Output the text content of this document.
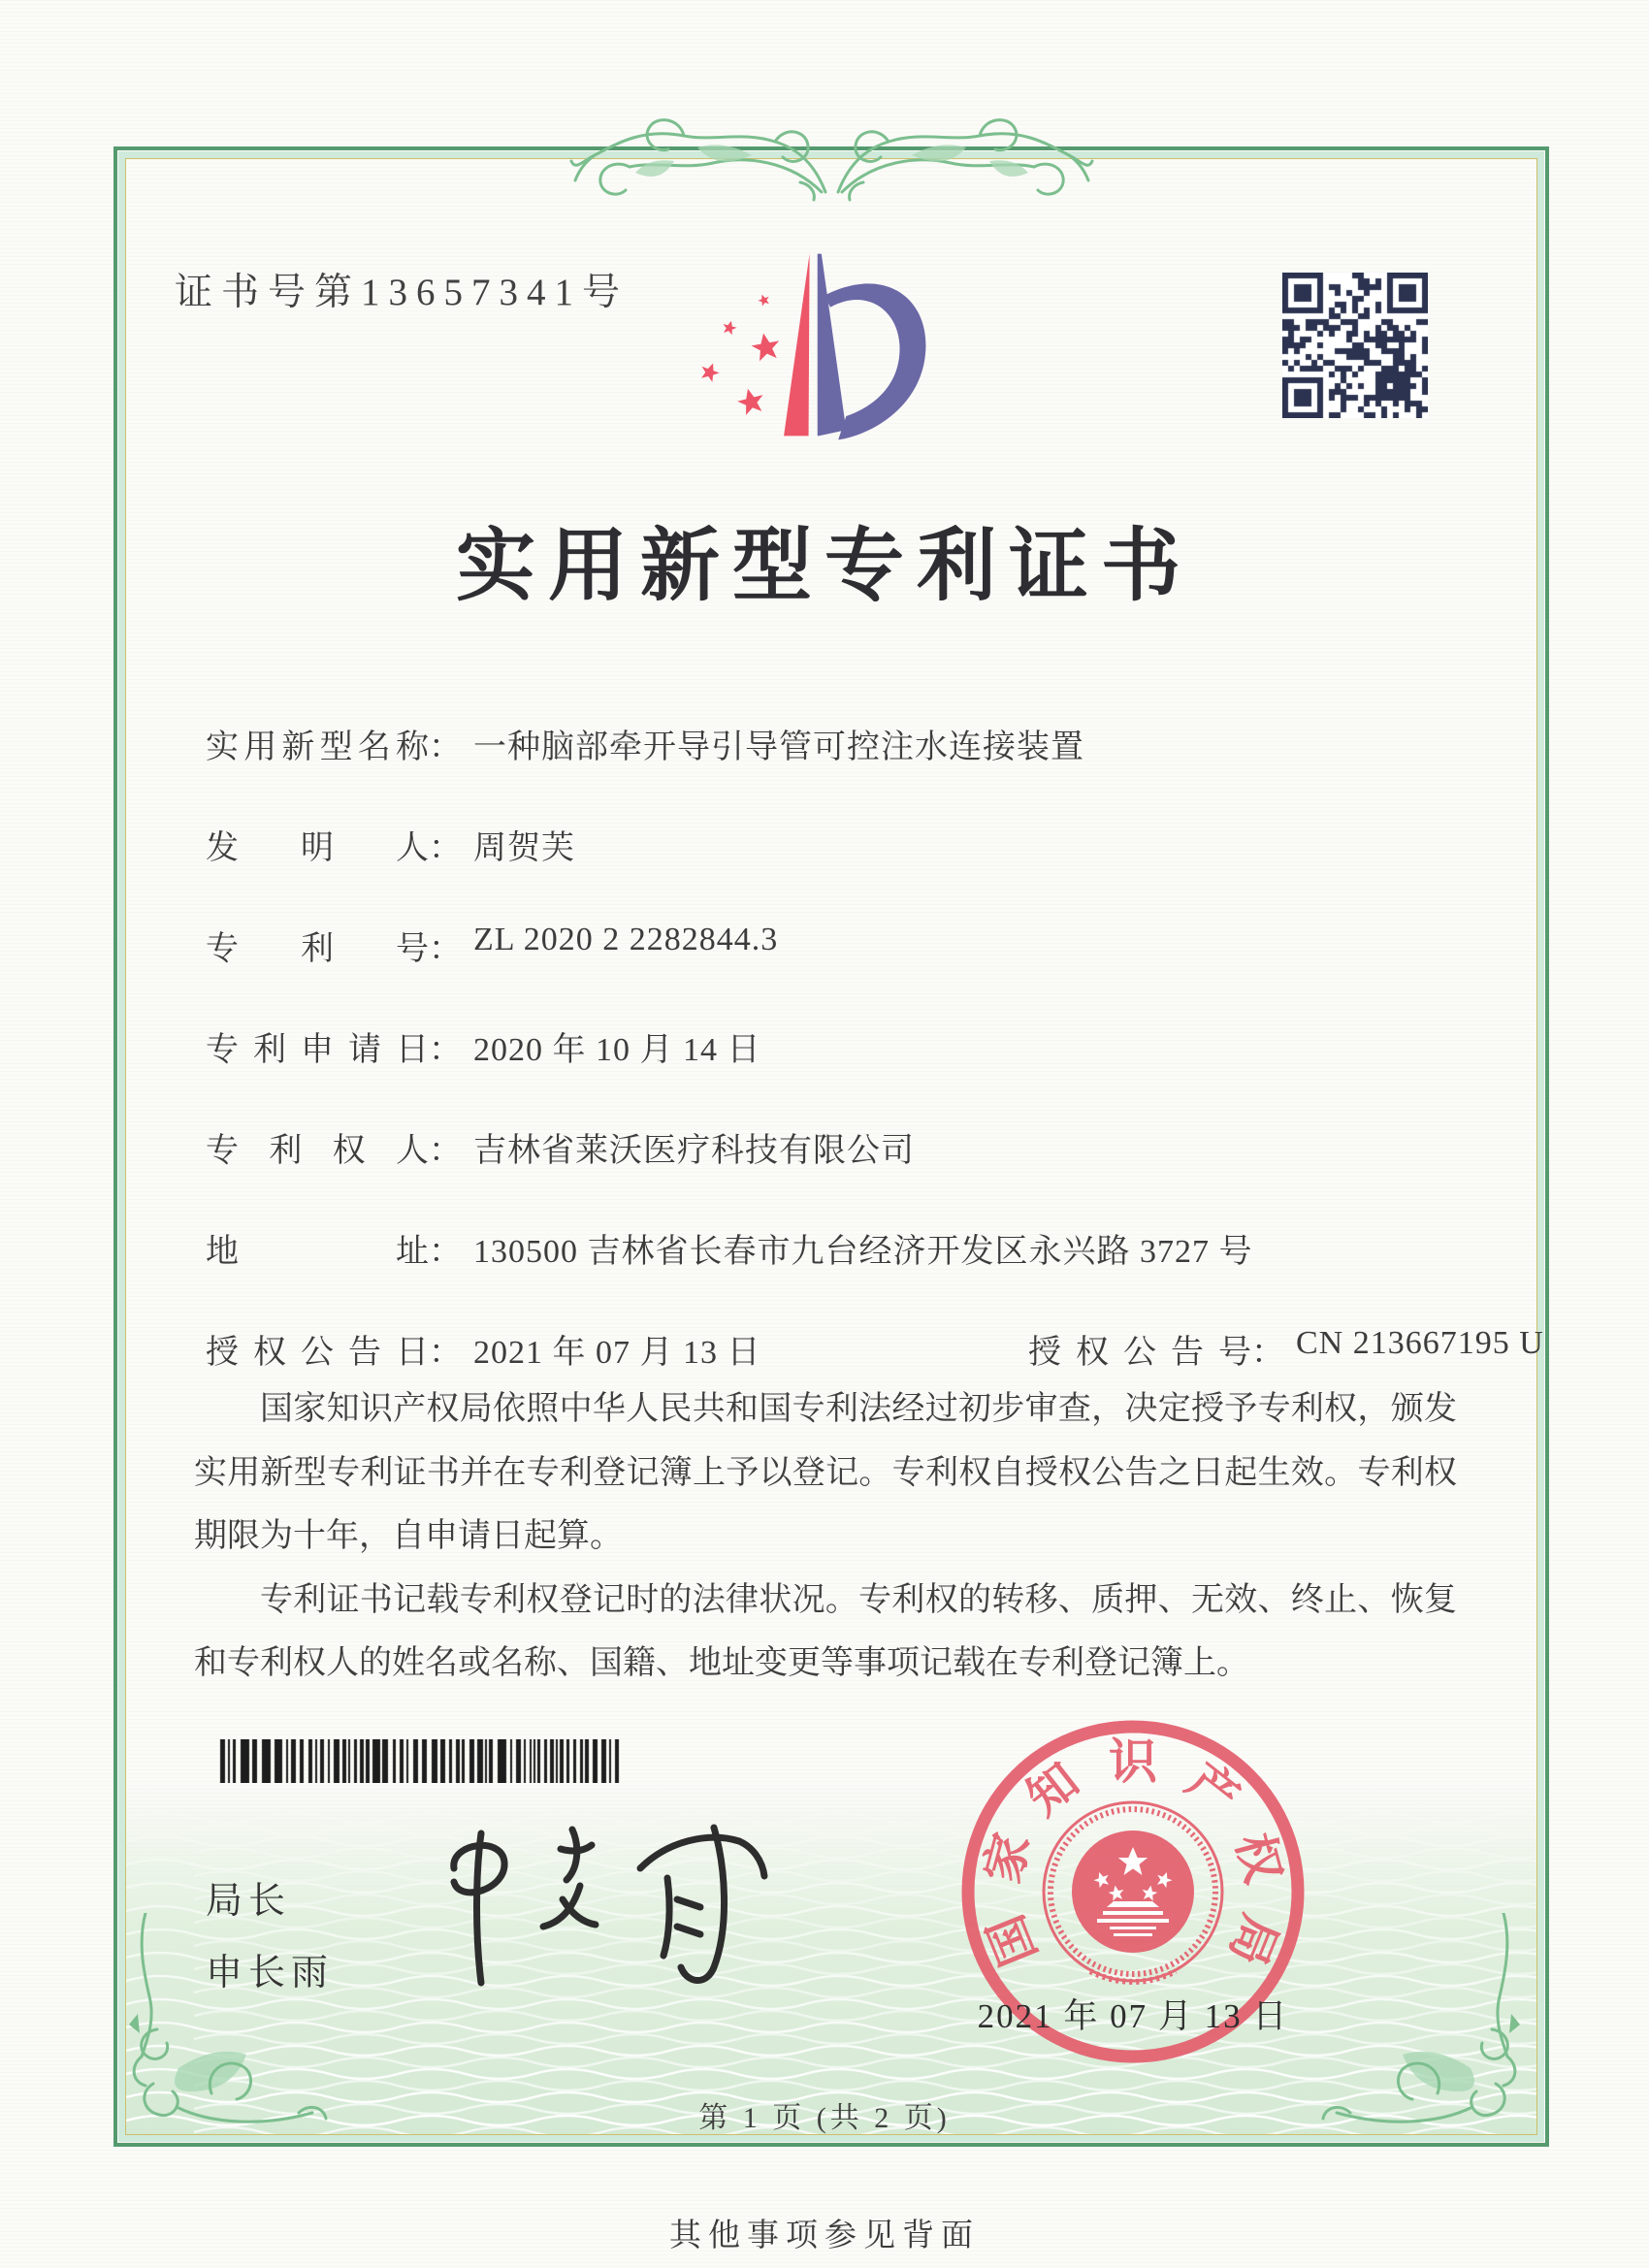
证书号第13657341号
实用新型专利证书
实用新型名称： 一种脑部牵开导引导管可控注水连接装置
发明人： 周贺芙
专利号： ZL 2020 2 2282844.3
专利申请日： 2020 年 10 月 14 日
专利权人： 吉林省莱沃医疗科技有限公司
地址： 130500 吉林省长春市九台经济开发区永兴路 3727 号
授权公告日： 2021 年 07 月 13 日	授权公告号： CN 213667195 U

国家知识产权局依照中华人民共和国专利法经过初步审查，决定授予专利权，颁发实用新型专利证书并在专利登记簿上予以登记。专利权自授权公告之日起生效。专利权期限为十年，自申请日起算。

专利证书记载专利权登记时的法律状况。专利权的转移、质押、无效、终止、恢复和专利权人的姓名或名称、国籍、地址变更等事项记载在专利登记簿上。

局长
申长雨
国
家
知 识 产
权
局
2021 年 07 月 13 日
第 1 页 (共 2 页)
其他事项参见背面
